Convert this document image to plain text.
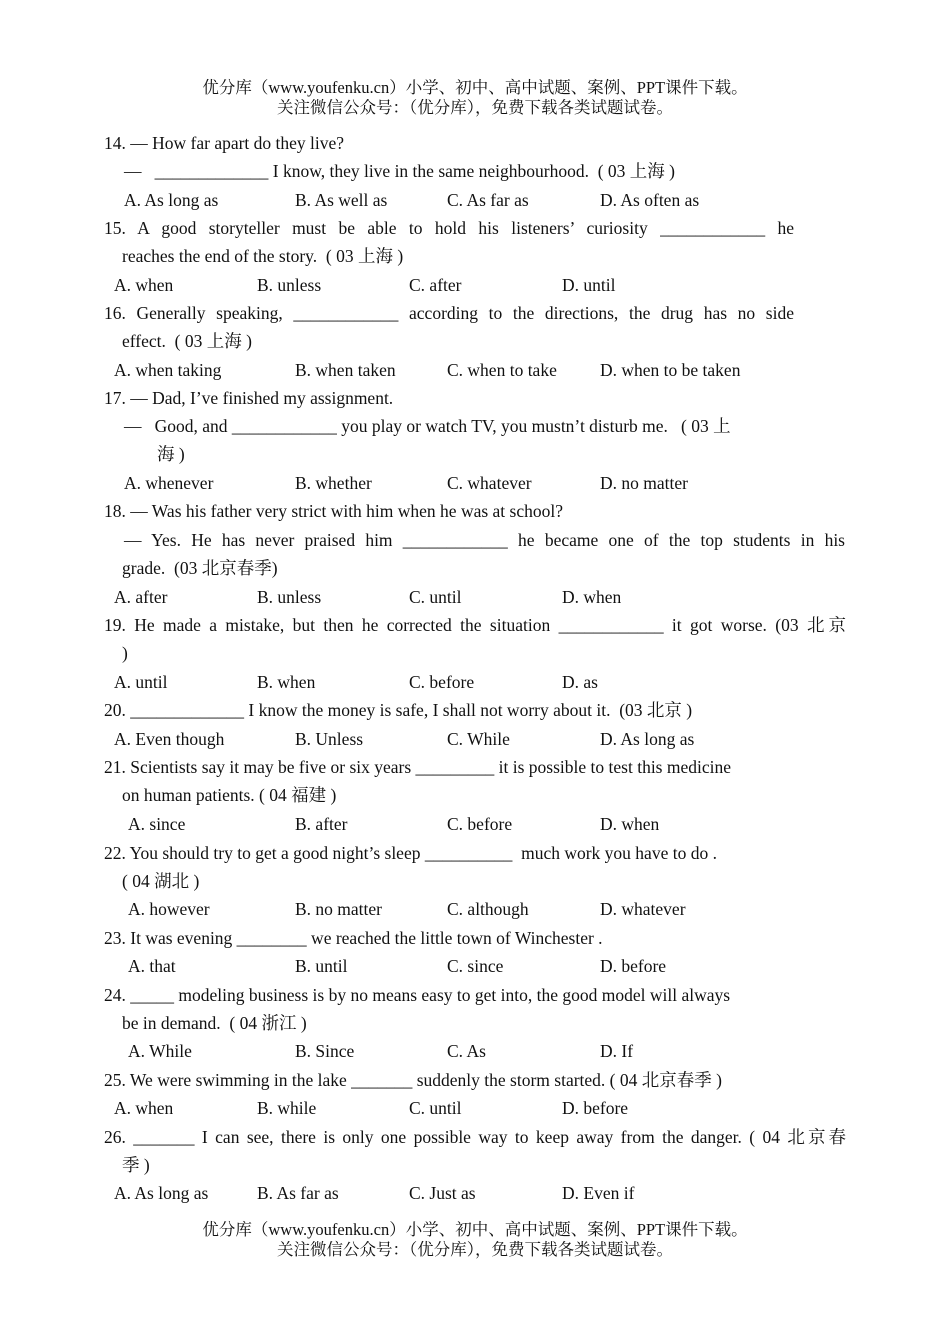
优分库（www.youfenku.cn）小学、初中、高中试题、案例、PPT课件下载。
关注微信公众号：（优分库），免费下载各类试题试卷。
14. — How far apart do they live?
—   _____________ I know, they live in the same neighbourhood.  ( 03 上海 )
A. As long as	B. As well as	C. As far as	D. As often as
15. A good storyteller must be able to hold his listeners’ curiosity ____________ he
reaches the end of the story.  ( 03 上海 )
A. when	B. unless	C. after	D. until
16. Generally speaking, ____________ according to the directions, the drug has no side
effect.  ( 03 上海 )
A. when taking	B. when taken	C. when to take D. when to be taken
17. — Dad, I’ve finished my assignment.
—   Good, and ____________ you play or watch TV, you mustn’t disturb me.   ( 03 上
海 )
A. whenever	B. whether	C. whatever	D. no matter
18. — Was his father very strict with him when he was at school?
— Yes. He has never praised him ____________ he became one of the top students in his
grade.  (03 北京春季)
A. after	B. unless	C. until	D. when
19. He made a mistake, but then he corrected the situation ____________ it got worse. (03 北京
)
A. until	B. when	C. before	D. as
20. _____________ I know the money is safe, I shall not worry about it.  (03 北京 )
A. Even though	B. Unless	C. While	D. As long as
21. Scientists say it may be five or six years _________ it is possible to test this medicine
on human patients. ( 04 福建 )
A. since	B. after	C. before	D. when
22. You should try to get a good night’s sleep __________  much work you have to do .
( 04 湖北 )
A. however	B. no matter	C. although	D. whatever
23. It was evening ________ we reached the little town of Winchester .
A. that	B. until	C. since	D. before
24. _____ modeling business is by no means easy to get into, the good model will always
be in demand.  ( 04 浙江 )
A. While	B. Since	C. As	D. If
25. We were swimming in the lake _______ suddenly the storm started. ( 04 北京春季 )
A. when	B. while	C. until	D. before
26. _______ I can see, there is only one possible way to keep away from the danger. ( 04 北京春
季 )
A. As long as	B. As far as	C. Just as	D. Even if
优分库（www.youfenku.cn）小学、初中、高中试题、案例、PPT课件下载。
关注微信公众号：（优分库），免费下载各类试题试卷。
